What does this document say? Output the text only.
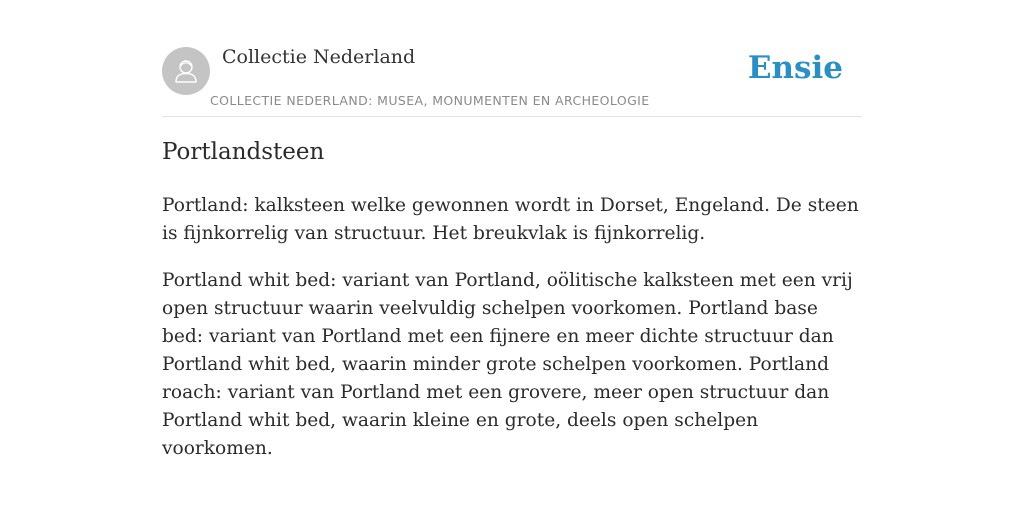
Collectie Nederland
COLLECTIE NEDERLAND: MUSEA, MONUMENTEN EN ARCHEOLOGIE
Ensie
Portlandsteen

Portland: kalksteen welke gewonnen wordt in Dorset, Engeland. De steen is fijnkorrelig van structuur. Het breukvlak is fijnkorrelig.

Portland whit bed: variant van Portland, oölitische kalksteen met een vrij open structuur waarin veelvuldig schelpen voorkomen. Portland base bed: variant van Portland met een fijnere en meer dichte structuur dan Portland whit bed, waarin minder grote schelpen voorkomen. Portland roach: variant van Portland met een grovere, meer open structuur dan Portland whit bed, waarin kleine en grote, deels open schelpen voorkomen.
